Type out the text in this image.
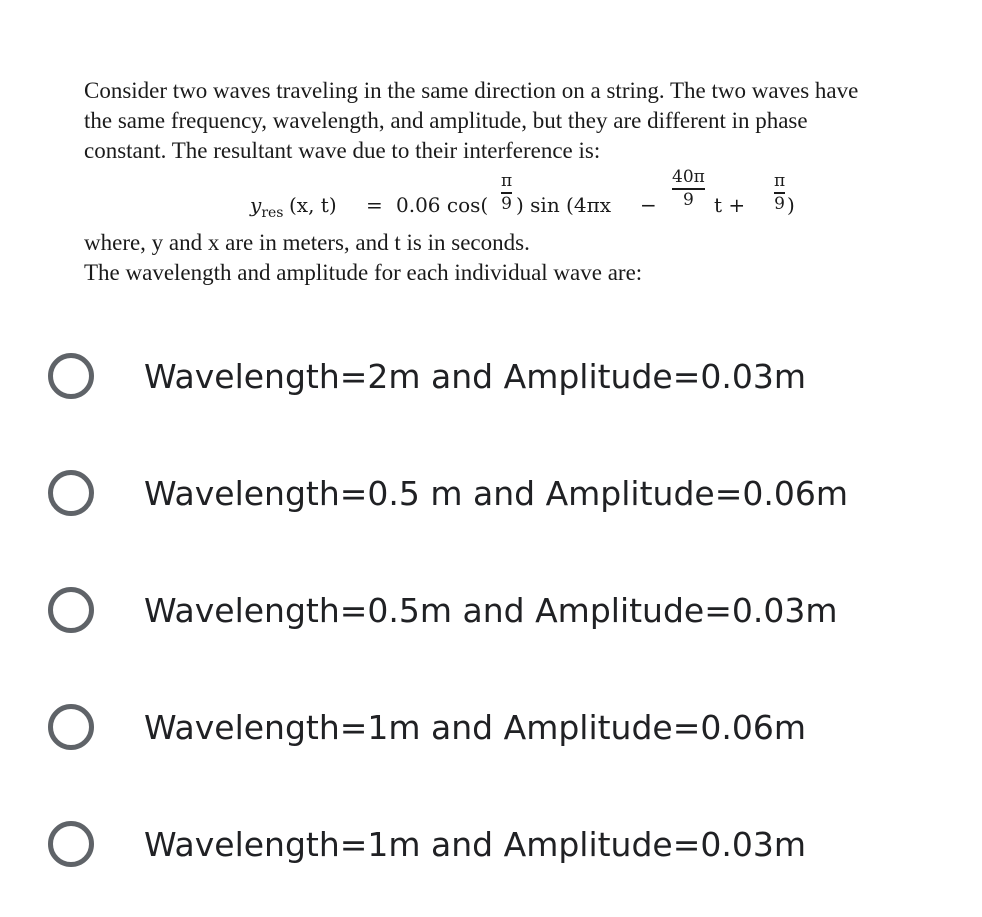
Consider two waves traveling in the same direction on a string. The two waves have
the same frequency, wavelength, and amplitude, but they are different in phase
constant. The resultant wave due to their interference is:
$y_{res}$ (x, t) = 0.06 cos(
π
9 ) sin (4πx −
40π
9 t +
π
9 )
where, y and x are in meters, and t is in seconds.
The wavelength and amplitude for each individual wave are:
Wavelength=2m and Amplitude=0.03m
Wavelength=0.5 m and Amplitude=0.06m
Wavelength=0.5m and Amplitude=0.03m
Wavelength=1m and Amplitude=0.06m
Wavelength=1m and Amplitude=0.03m
